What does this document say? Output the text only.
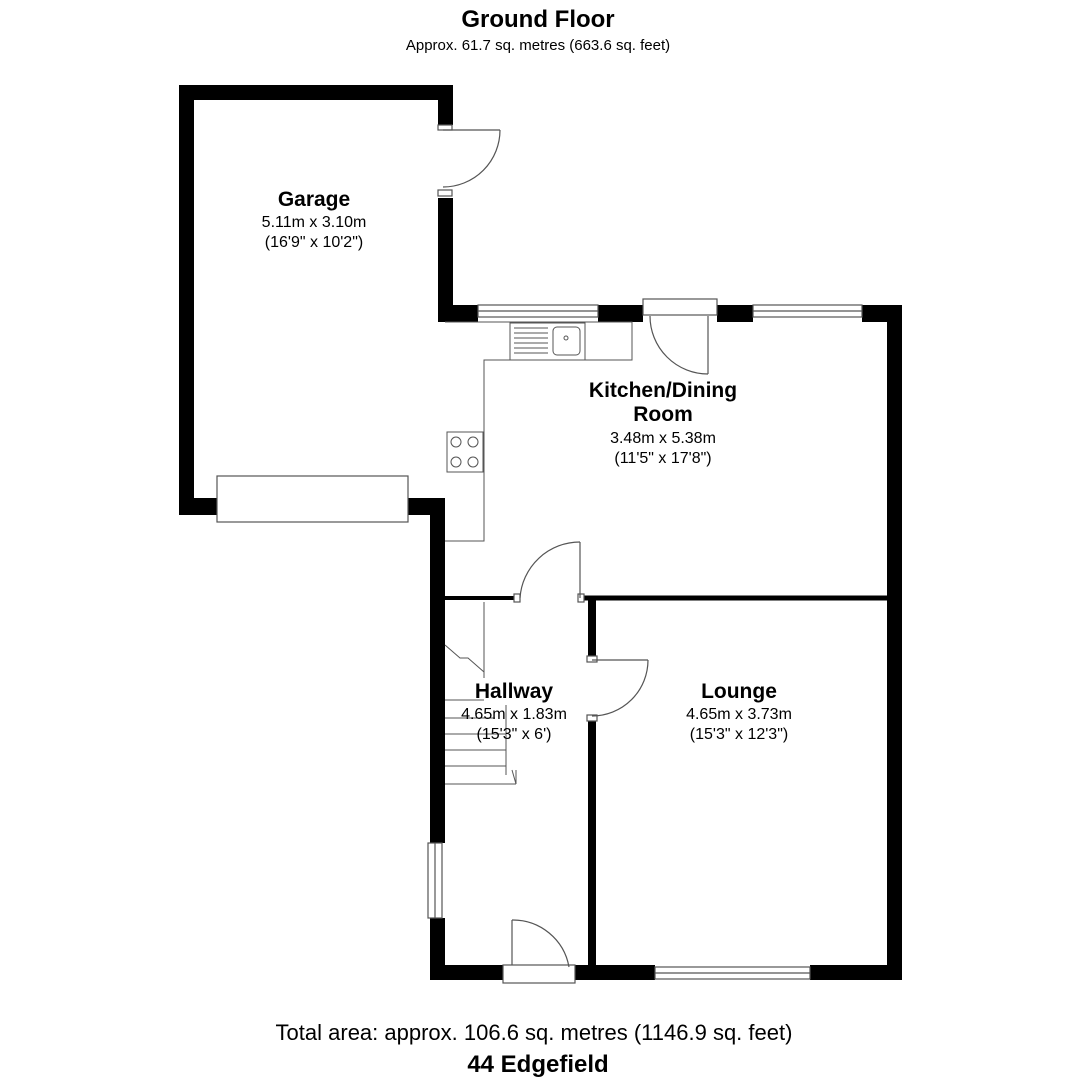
Ground Floor
Approx. 61.7 sq. metres (663.6 sq. feet)
Garage
5.11m x 3.10m
(16'9" x 10'2")
Kitchen/Dining
Room
3.48m x 5.38m
(11'5" x 17'8")
Hallway
4.65m x 1.83m
(15'3" x 6')
Lounge
4.65m x 3.73m
(15'3" x 12'3")
Total area: approx. 106.6 sq. metres (1146.9 sq. feet)
44 Edgefield
